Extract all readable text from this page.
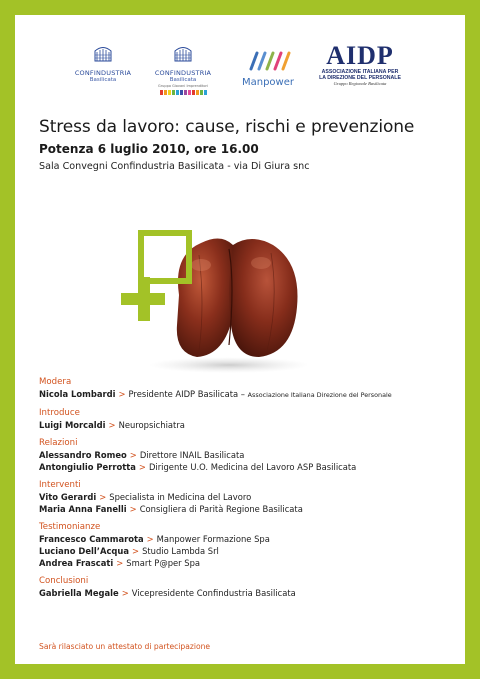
CONFINDUSTRIA
Basilicata
CONFINDUSTRIA
Basilicata
Gruppo Giovani Imprenditori	Manpower
AIDP
ASSOCIAZIONE ITALIANA PER
LA DIREZIONE DEL PERSONALE
Gruppo Regionale Basilicata
Stress da lavoro: cause, rischi e prevenzione
Potenza 6 luglio 2010, ore 16.00
Sala Convegni Confindustria Basilicata - via Di Giura snc
Modera
Nicola Lombardi > Presidente AIDP Basilicata – Associazione Italiana Direzione del Personale
Introduce
Luigi Morcaldi > Neuropsichiatra
Relazioni
Alessandro Romeo > Direttore INAIL Basilicata
Antongiulio Perrotta > Dirigente U.O. Medicina del Lavoro ASP Basilicata
Interventi
Vito Gerardi > Specialista in Medicina del Lavoro
Maria Anna Fanelli > Consigliera di Parità Regione Basilicata
Testimonianze
Francesco Cammarota > Manpower Formazione Spa
Luciano Dell’Acqua > Studio Lambda Srl
Andrea Frascati > Smart P@per Spa
Conclusioni
Gabriella Megale > Vicepresidente Confindustria Basilicata
Sarà rilasciato un attestato di partecipazione
